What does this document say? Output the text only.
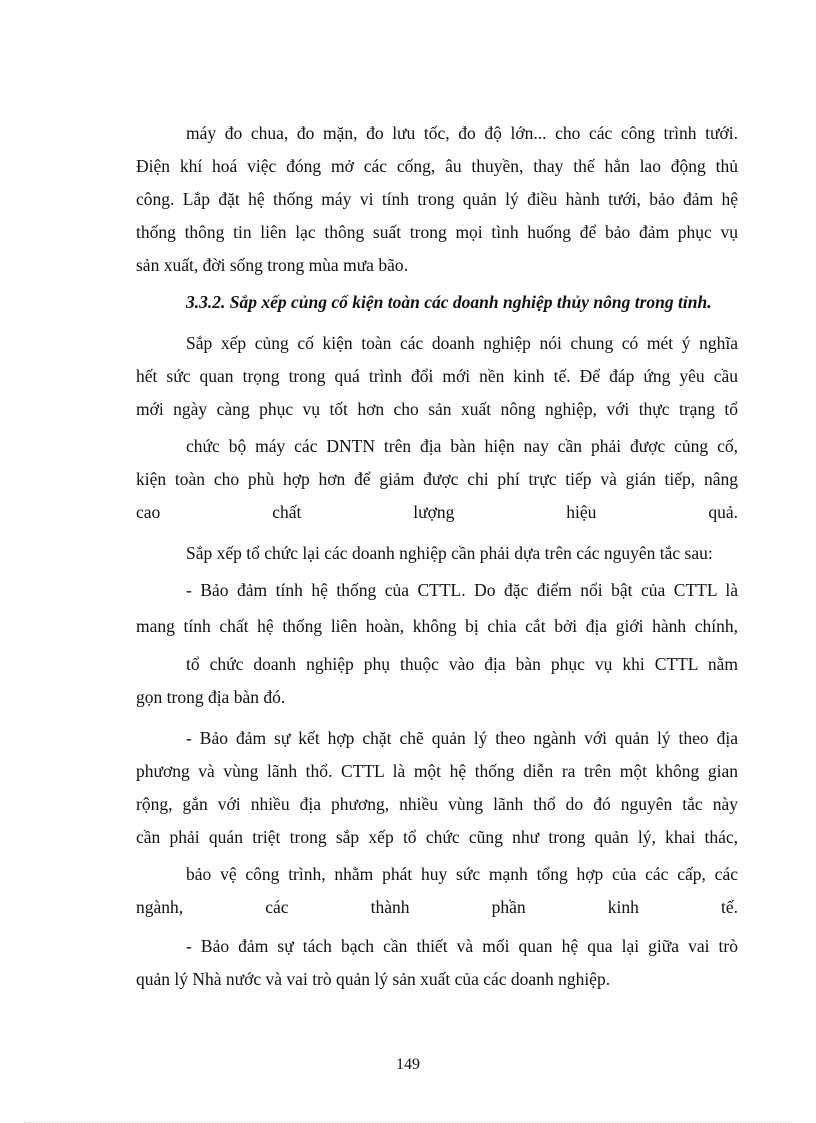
máy đo chua, đo mặn, đo lưu tốc, đo độ lớn... cho các công trình tưới.
Điện khí hoá việc đóng mở các cống, âu thuyền, thay thế hẳn lao động thủ
công. Lắp đặt hệ thống máy vi tính trong quản lý điều hành tưới, bảo đảm hệ
thống thông tin liên lạc thông suất trong mọi tình huống để bảo đảm phục vụ
sản xuất, đời sống trong mùa mưa bão.
3.3.2. Sắp xếp củng cố kiện toàn các doanh nghiệp thủy nông trong tỉnh.
Sắp xếp củng cố kiện toàn các doanh nghiệp nói chung có mét ý nghĩa
hết sức quan trọng trong quá trình đổi mới nền kinh tế. Để đáp ứng yêu cầu
mới ngày càng phục vụ tốt hơn cho sản xuất nông nghiệp, với thực trạng tổ
chức bộ máy các DNTN trên địa bàn hiện nay cần phải được củng cố,
kiện toàn cho phù hợp hơn để giảm được chi phí trực tiếp và gián tiếp, nâng
cao chất lượng hiệu quả.
Sắp xếp tổ chức lại các doanh nghiệp cần phải dựa trên các nguyên tắc sau:
- Bảo đảm tính hệ thống của CTTL. Do đặc điểm nổi bật của CTTL là
mang tính chất hệ thống liên hoàn, không bị chia cắt bởi địa giới hành chính,
tổ chức doanh nghiệp phụ thuộc vào địa bàn phục vụ khi CTTL nằm
gọn trong địa bàn đó.
- Bảo đảm sự kết hợp chặt chẽ quản lý theo ngành với quản lý theo địa
phương và vùng lãnh thổ. CTTL là một hệ thống diễn ra trên một không gian
rộng, gắn với nhiều địa phương, nhiều vùng lãnh thổ do đó nguyên tắc này
cần phải quán triệt trong sắp xếp tổ chức cũng như trong quản lý, khai thác,
bảo vệ công trình, nhằm phát huy sức mạnh tổng hợp của các cấp, các
ngành, các thành phần kinh tế.
- Bảo đảm sự tách bạch cần thiết và mối quan hệ qua lại giữa vai trò
quản lý Nhà nước và vai trò quản lý sản xuất của các doanh nghiệp.
149
